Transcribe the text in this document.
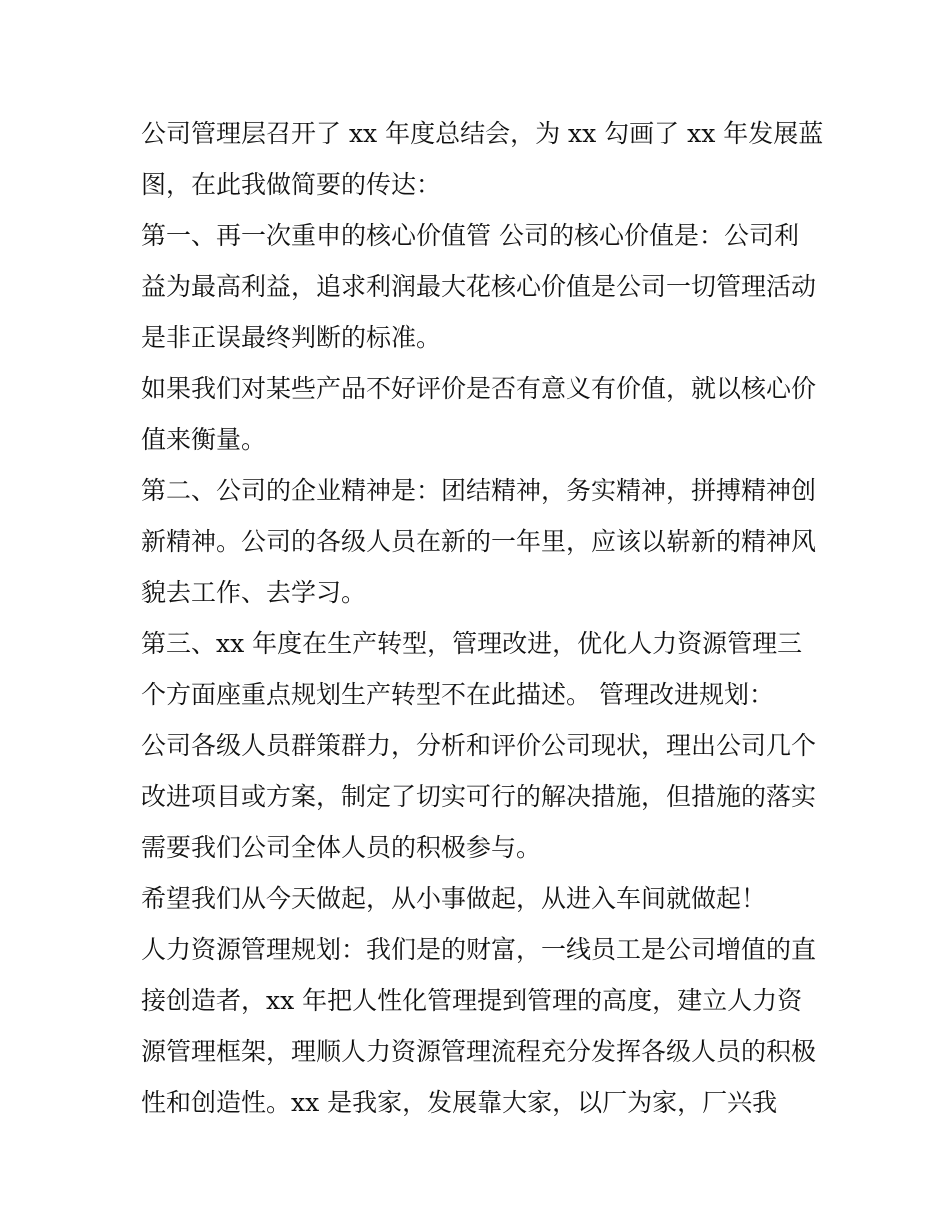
公司管理层召开了 xx 年度总结会，为 xx 勾画了 xx 年发展蓝
图，在此我做简要的传达：
第一、再一次重申的核心价值管 公司的核心价值是：公司利
益为最高利益，追求利润最大花核心价值是公司一切管理活动
是非正误最终判断的标准。
如果我们对某些产品不好评价是否有意义有价值，就以核心价
值来衡量。
第二、公司的企业精神是：团结精神，务实精神，拼搏精神创
新精神。公司的各级人员在新的一年里，应该以崭新的精神风
貌去工作、去学习。
第三、xx 年度在生产转型，管理改进，优化人力资源管理三
个方面座重点规划生产转型不在此描述。 管理改进规划：
公司各级人员群策群力，分析和评价公司现状，理出公司几个
改进项目或方案，制定了切实可行的解决措施，但措施的落实
需要我们公司全体人员的积极参与。
希望我们从今天做起，从小事做起，从进入车间就做起！
人力资源管理规划：我们是的财富，一线员工是公司增值的直
接创造者，xx 年把人性化管理提到管理的高度，建立人力资
源管理框架，理顺人力资源管理流程充分发挥各级人员的积极
性和创造性。xx 是我家，发展靠大家，以厂为家，厂兴我
